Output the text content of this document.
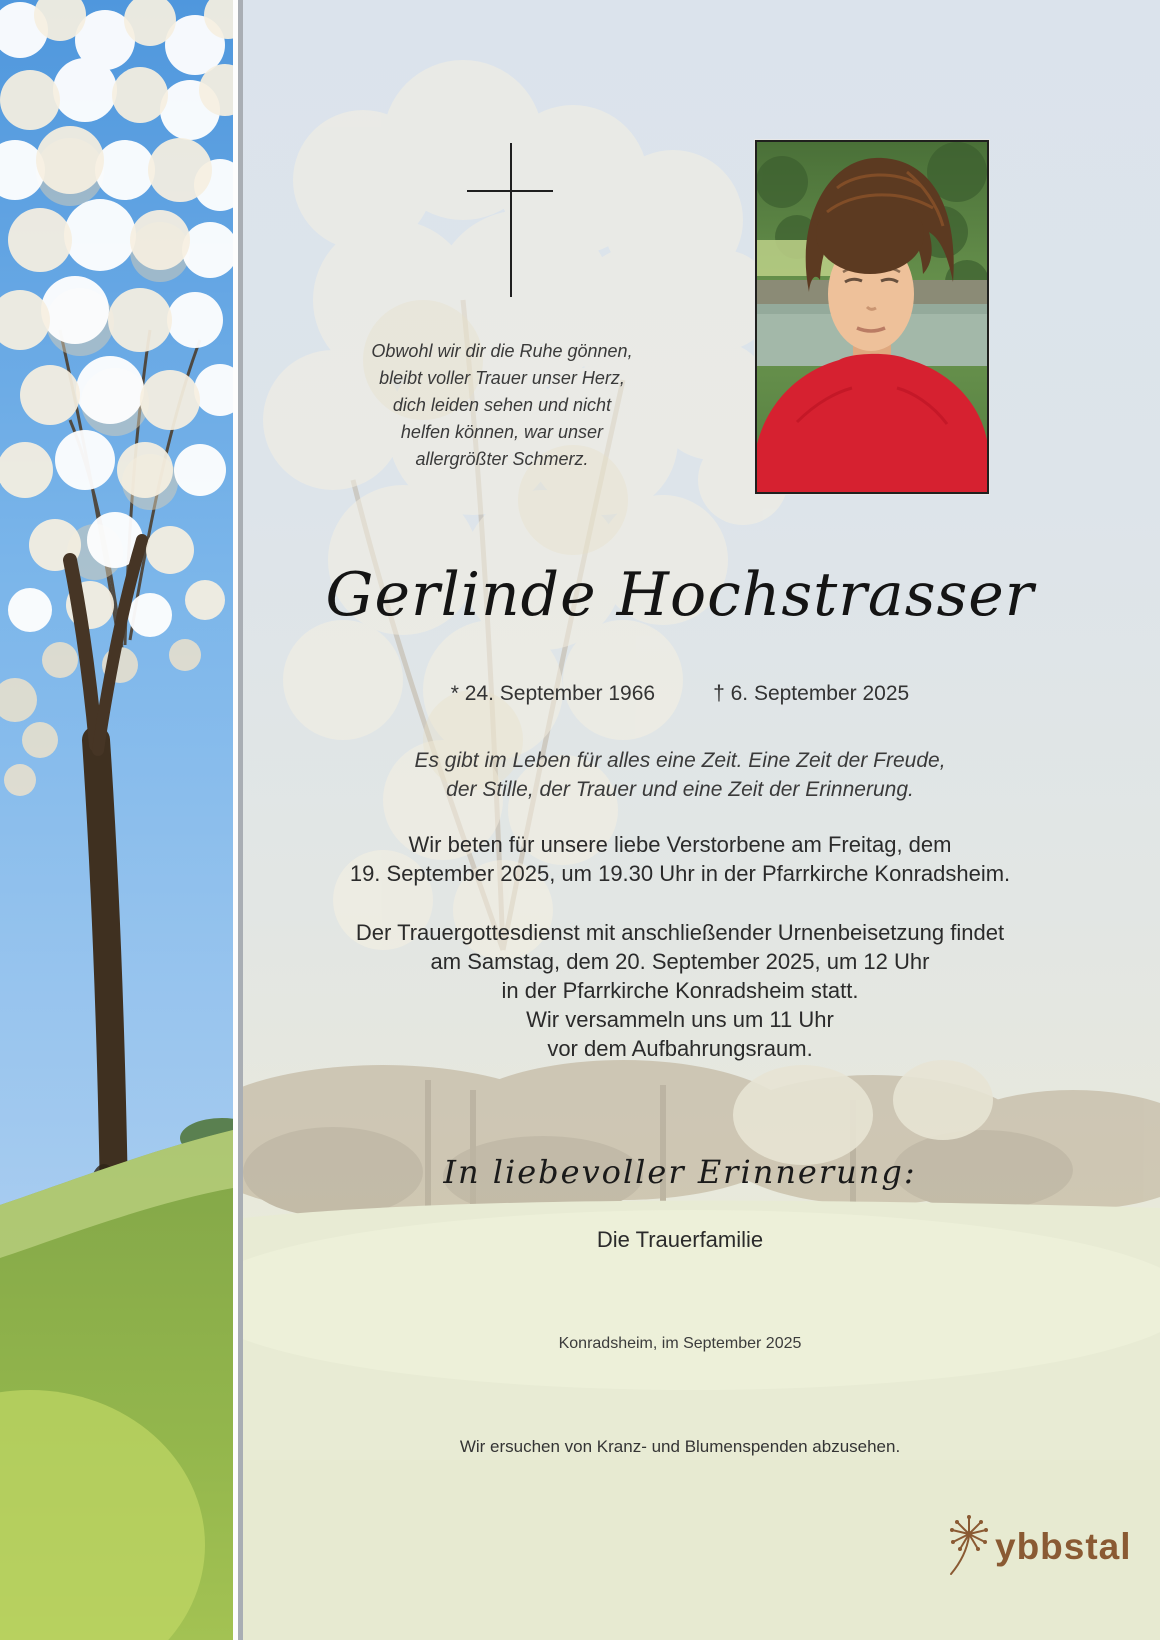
Obwohl wir dir die Ruhe gönnen,
bleibt voller Trauer unser Herz,
dich leiden sehen und nicht
helfen können, war unser
allergrößter Schmerz.
Gerlinde Hochstrasser
* 24. September 1966	† 6. September 2025
Es gibt im Leben für alles eine Zeit. Eine Zeit der Freude,
der Stille, der Trauer und eine Zeit der Erinnerung.
Wir beten für unsere liebe Verstorbene am Freitag, dem
19. September 2025, um 19.30 Uhr in der Pfarrkirche Konradsheim.
Der Trauergottesdienst mit anschließender Urnenbeisetzung findet
am Samstag, dem 20. September 2025, um 12 Uhr
in der Pfarrkirche Konradsheim statt.
Wir versammeln uns um 11 Uhr
vor dem Aufbahrungsraum.
In liebevoller Erinnerung:
Die Trauerfamilie
Konradsheim, im September 2025
Wir ersuchen von Kranz- und Blumenspenden abzusehen.
ybbstal
